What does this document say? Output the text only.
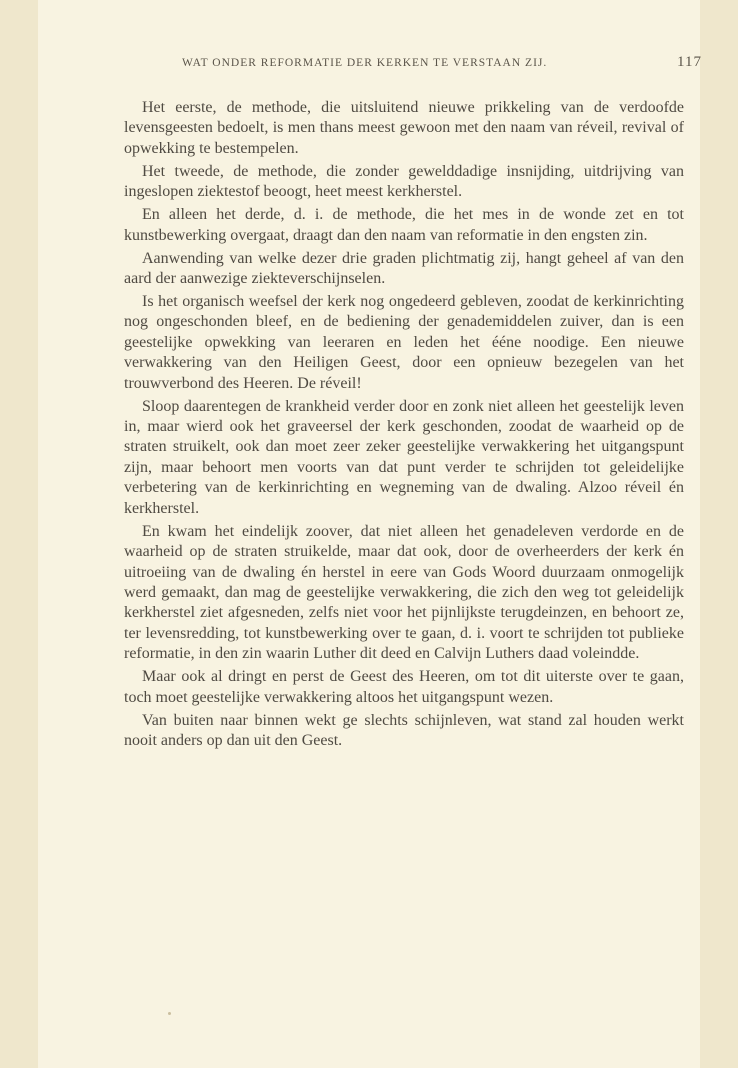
WAT ONDER REFORMATIE DER KERKEN TE VERSTAAN ZIJ.	117

Het eerste, de methode, die uitsluitend nieuwe prikkeling van de verdoofde levensgeesten bedoelt, is men thans meest gewoon met den naam van réveil, revival of opwekking te bestempelen.

Het tweede, de methode, die zonder gewelddadige insnijding, uitdrijving van ingeslopen ziektestof beoogt, heet meest kerkherstel.

En alleen het derde, d. i. de methode, die het mes in de wonde zet en tot kunstbewerking overgaat, draagt dan den naam van reformatie in den engsten zin.

Aanwending van welke dezer drie graden plichtmatig zij, hangt geheel af van den aard der aanwezige ziekteverschijnselen.

Is het organisch weefsel der kerk nog ongedeerd gebleven, zoodat de kerkinrichting nog ongeschonden bleef, en de bediening der genademiddelen zuiver, dan is een geestelijke opwekking van leeraren en leden het ééne noodige. Een nieuwe verwakkering van den Heiligen Geest, door een opnieuw bezegelen van het trouwverbond des Heeren. De réveil!

Sloop daarentegen de krankheid verder door en zonk niet alleen het geestelijk leven in, maar wierd ook het graveersel der kerk geschonden, zoodat de waarheid op de straten struikelt, ook dan moet zeer zeker geestelijke verwakkering het uitgangspunt zijn, maar behoort men voorts van dat punt verder te schrijden tot geleidelijke verbetering van de kerkinrichting en wegneming van de dwaling. Alzoo réveil én kerkherstel.

En kwam het eindelijk zoover, dat niet alleen het genadeleven verdorde en de waarheid op de straten struikelde, maar dat ook, door de overheerders der kerk én uitroeiing van de dwaling én herstel in eere van Gods Woord duurzaam onmogelijk werd gemaakt, dan mag de geestelijke verwakkering, die zich den weg tot geleidelijk kerkherstel ziet afgesneden, zelfs niet voor het pijnlijkste terugdeinzen, en behoort ze, ter levensredding, tot kunstbewerking over te gaan, d. i. voort te schrijden tot publieke reformatie, in den zin waarin Luther dit deed en Calvijn Luthers daad voleindde.

Maar ook al dringt en perst de Geest des Heeren, om tot dit uiterste over te gaan, toch moet geestelijke verwakkering altoos het uitgangspunt wezen.

Van buiten naar binnen wekt ge slechts schijnleven, wat stand zal houden werkt nooit anders op dan uit den Geest.
